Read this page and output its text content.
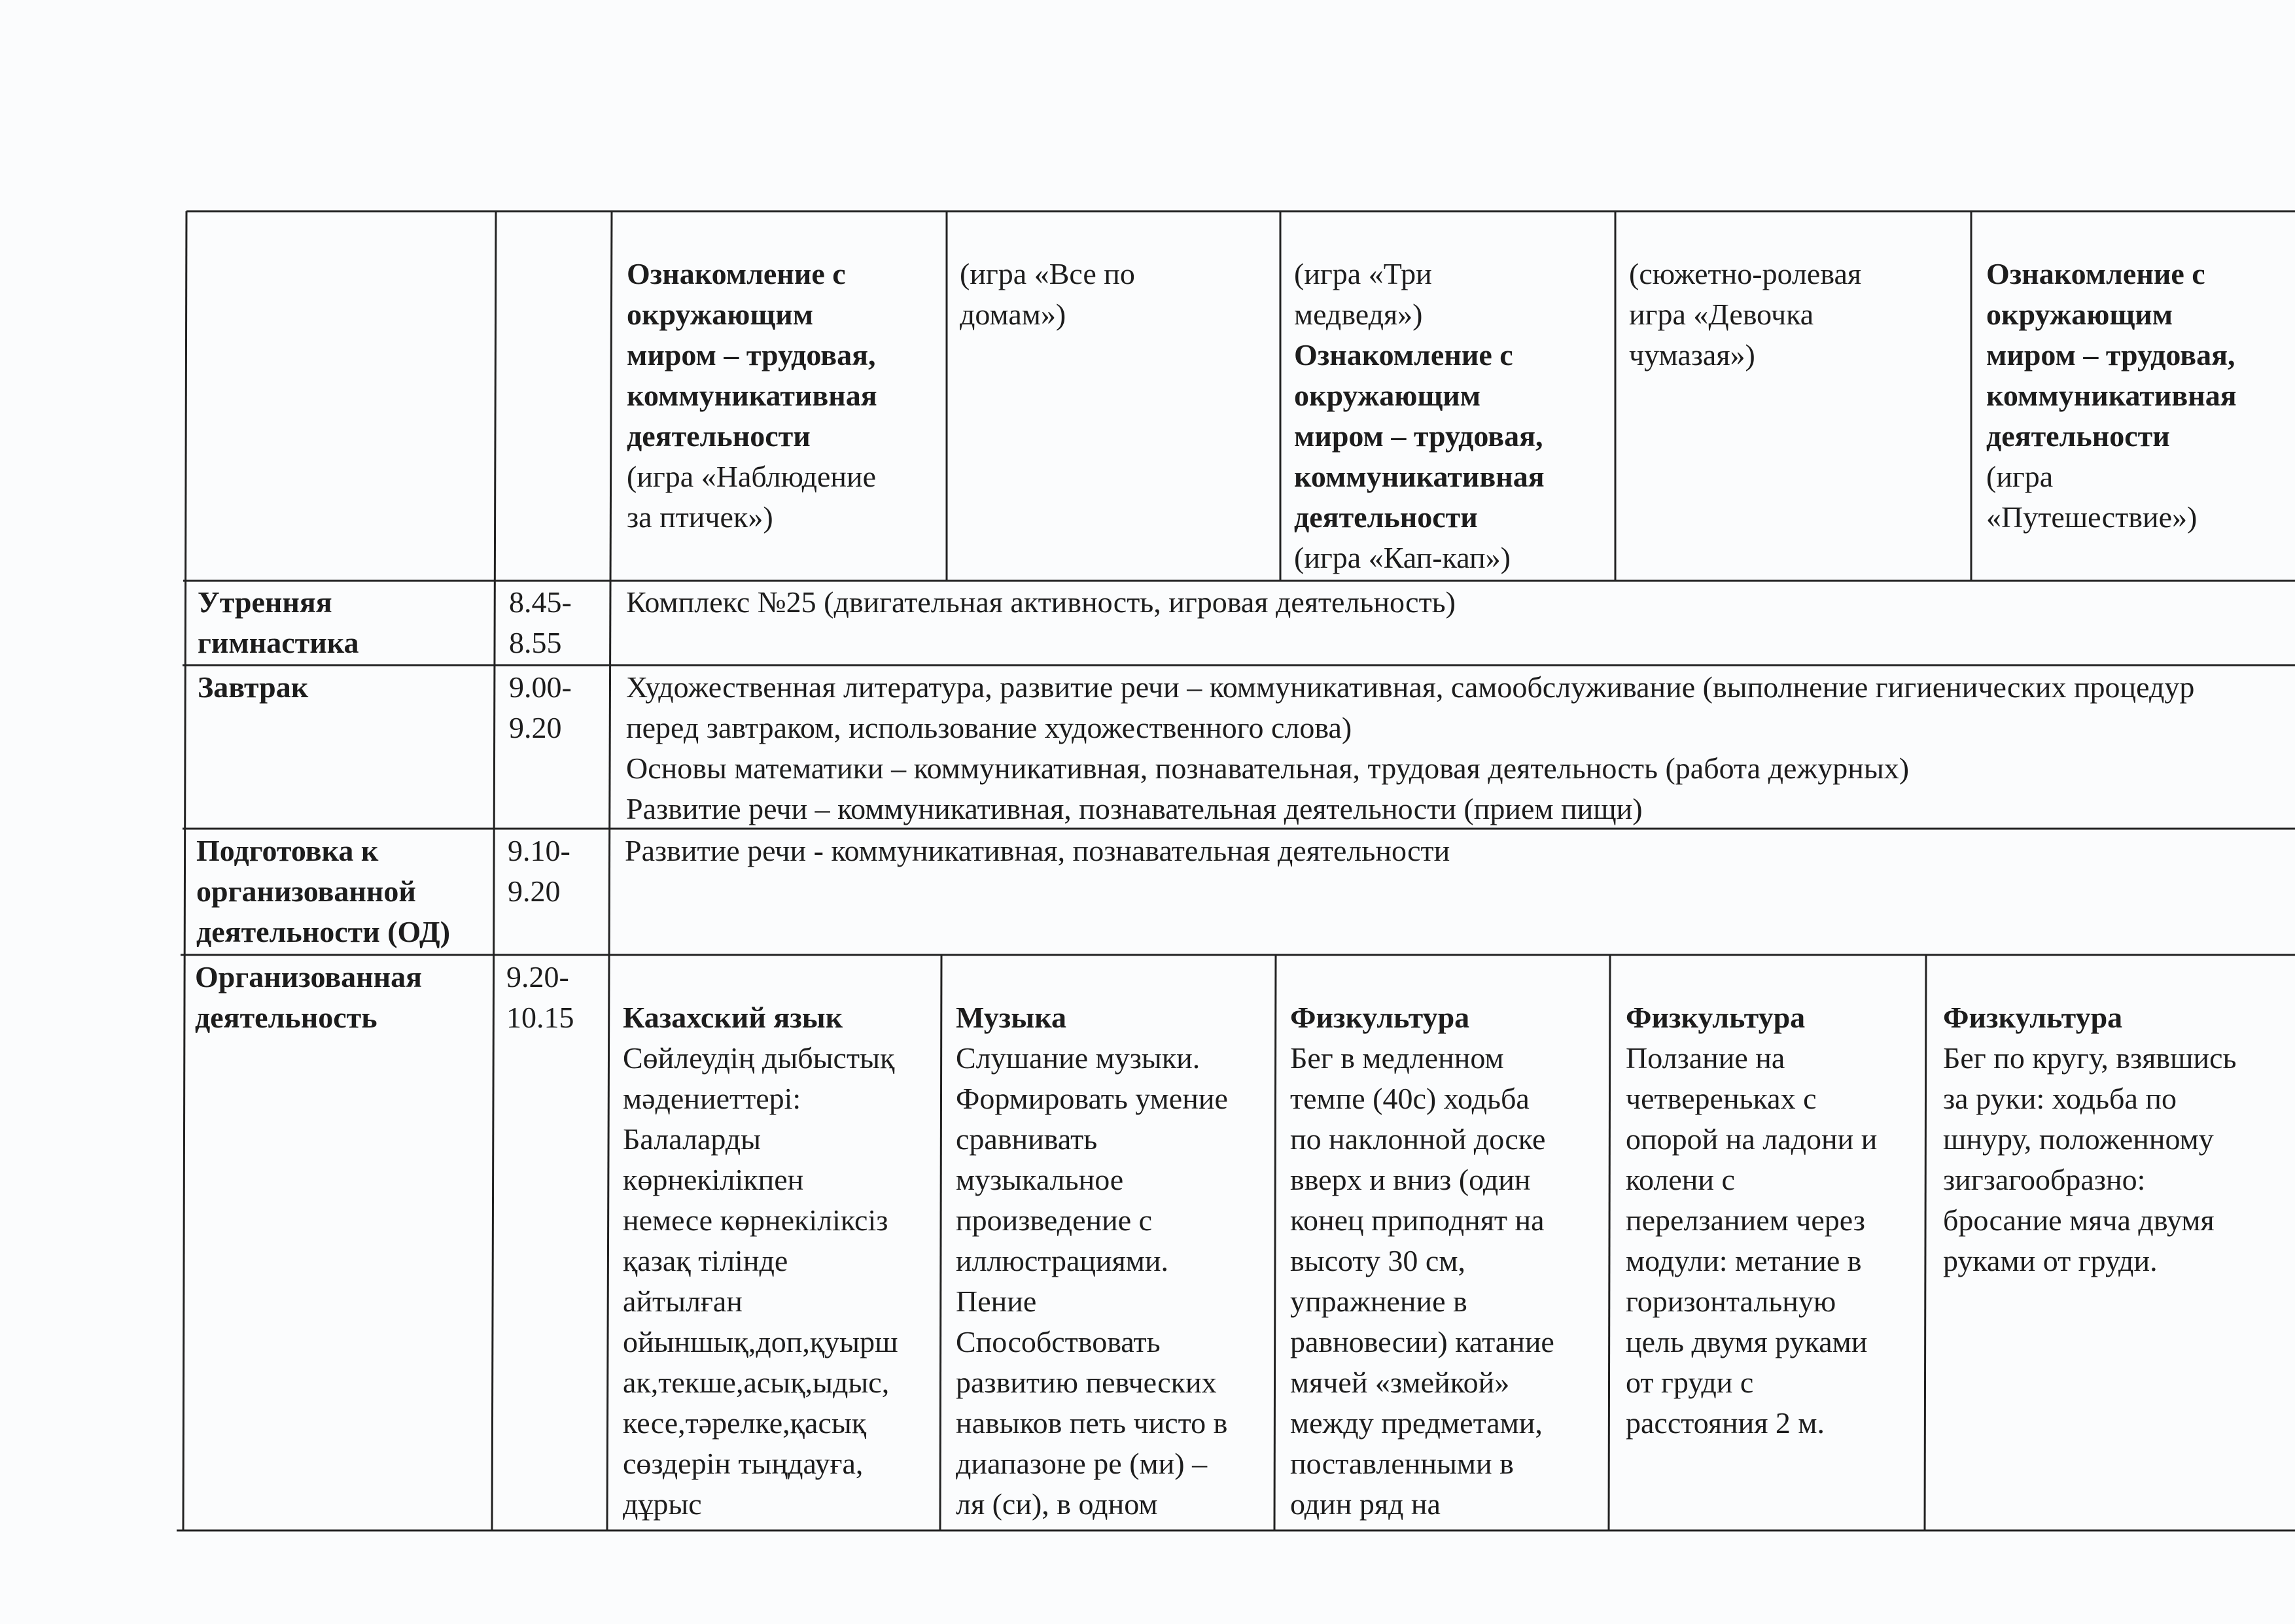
Ознакомление с
окружающим
миром – трудовая,
коммуникативная
деятельности
(игра «Наблюдение
за птичек»)

(игра «Все по
домам»)

(игра «Три
медведя»)
Ознакомление с
окружающим
миром – трудовая,
коммуникативная
деятельности
(игра «Кап-кап»)

(сюжетно-ролевая
игра «Девочка
чумазая»)

Ознакомление с
окружающим
миром – трудовая,
коммуникативная
деятельности
(игра
«Путешествие»)

Утренняя
гимнастика
8.45-
8.55
Комплекс №25 (двигательная активность, игровая деятельность)
Завтрак	9.00-
9.20
Художественная литература, развитие речи – коммуникативная, самообслуживание (выполнение гигиенических процедур перед завтраком, использование художественного слова)
Основы математики – коммуникативная, познавательная, трудовая деятельность (работа дежурных)
Развитие речи – коммуникативная, познавательная деятельности (прием пищи)
Подготовка к
организованной
деятельности (ОД)
9.10-
9.20
Развитие речи - коммуникативная, познавательная деятельности
Организованная
деятельность
9.20-
10.15	Казахский язык
Сөйлеудің дыбыстық
мәдениеттері:
Балаларды
көрнекілікпен
немесе көрнекіліксіз
қазақ тілінде
айтылған
ойыншық,доп,қуырш
ак,текше,асық,ыдыс,
кесе,тәрелке,қасық
сөздерін тыңдауға,
дұрыс

Музыка
Слушание музыки.
Формировать умение
сравнивать
музыкальное
произведение с
иллюстрациями.
Пение
Способствовать
развитию певческих
навыков петь чисто в
диапазоне ре (ми) –
ля (си), в одном

Физкультура
Бег в медленном
темпе (40с) ходьба
по наклонной доске
вверх и вниз (один
конец приподнят на
высоту 30 см,
упражнение в
равновесии) катание
мячей «змейкой»
между предметами,
поставленными в
один ряд на

Физкультура
Ползание на
четвереньках с
опорой на ладони и
колени с
перелзанием через
модули: метание в
горизонтальную
цель двумя руками
от груди с
расстояния 2 м.

Физкультура
Бег по кругу, взявшись
за руки: ходьба по
шнуру, положенному
зигзагообразно:
бросание мяча двумя
руками от груди.
